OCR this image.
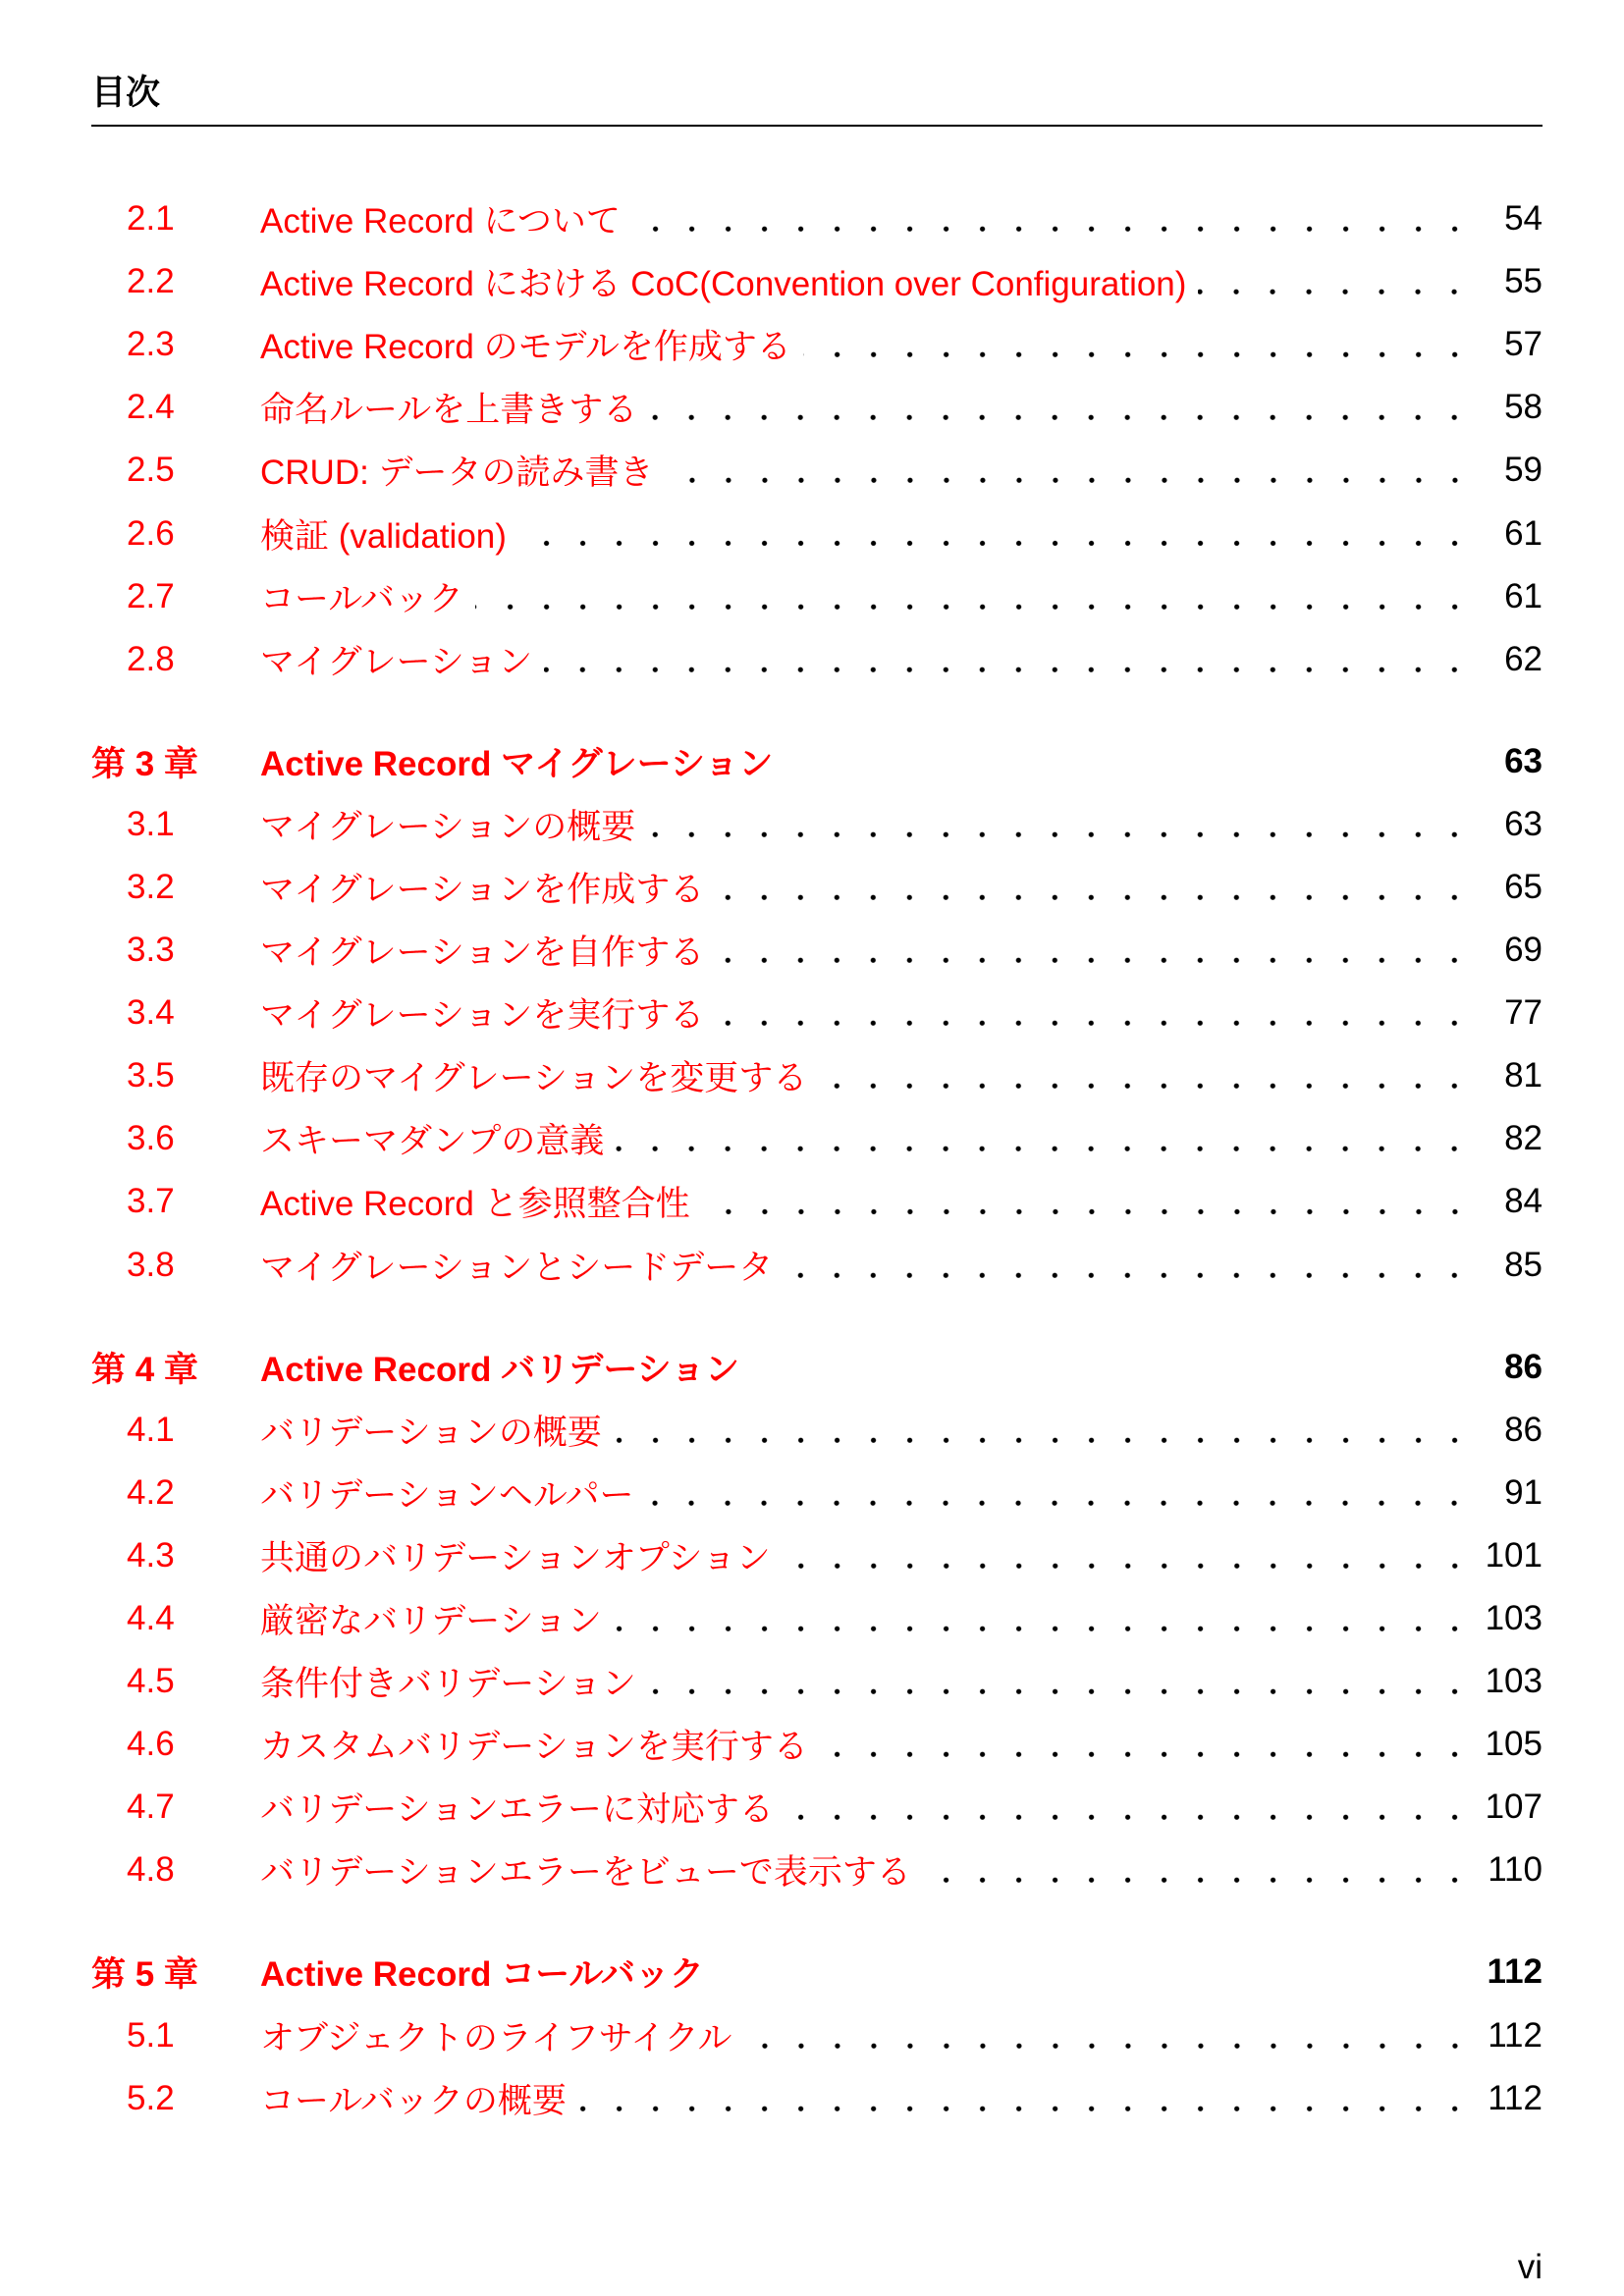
目次
2.1	Active Record について	54
2.2	Active Record における CoC(Convention over Configuration)	55
2.3	Active Record のモデルを作成する	57
2.4	命名ルールを上書きする	58
2.5	CRUD: データの読み書き	59
2.6	検証 (validation)	61
2.7	コールバック	61
2.8	マイグレーション	62
第 3 章	Active Record マイグレーション	63
3.1	マイグレーションの概要	63
3.2	マイグレーションを作成する	65
3.3	マイグレーションを自作する	69
3.4	マイグレーションを実行する	77
3.5	既存のマイグレーションを変更する	81
3.6	スキーマダンプの意義	82
3.7	Active Record と参照整合性	84
3.8	マイグレーションとシードデータ	85
第 4 章	Active Record バリデーション	86
4.1	バリデーションの概要	86
4.2	バリデーションヘルパー	91
4.3	共通のバリデーションオプション	101
4.4	厳密なバリデーション	103
4.5	条件付きバリデーション	103
4.6	カスタムバリデーションを実行する	105
4.7	バリデーションエラーに対応する	107
4.8	バリデーションエラーをビューで表示する	110
第 5 章	Active Record コールバック	112
5.1	オブジェクトのライフサイクル	112
5.2	コールバックの概要	112
vi
